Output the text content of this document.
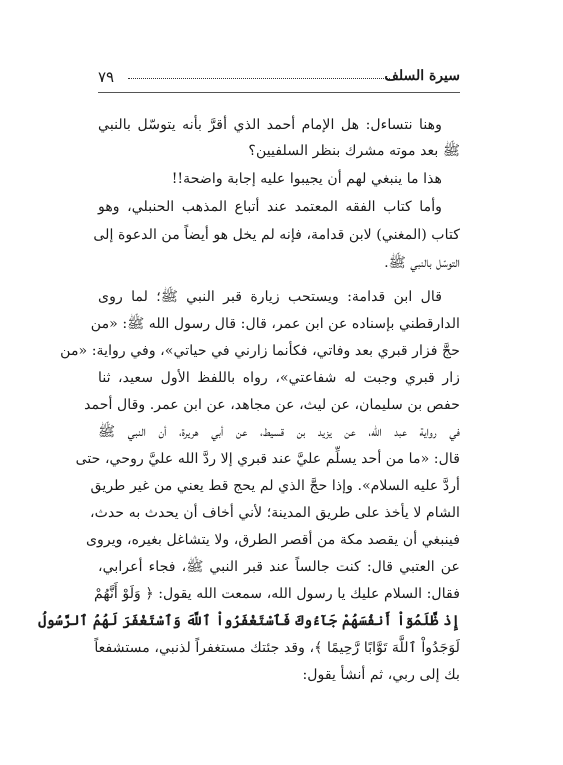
سيرة السلف
٧٩
وهنا نتساءل: هل الإمام أحمد الذي أقرَّ بأنه يتوسّل بالنبي
ﷺ بعد موته مشرك بنظر السلفيين؟
هذا ما ينبغي لهم أن يجيبوا عليه إجابة واضحة!!
وأما كتاب الفقه المعتمد عند أتباع المذهب الحنبلي، وهو
كتاب (المغني) لابن قدامة، فإنه لم يخل هو أيضاً من الدعوة إلى
التوسّل بالنبي ﷺ.
قال ابن قدامة: ويستحب زيارة قبر النبي ﷺ؛ لما روى
الدارقطني بإسناده عن ابن عمر، قال: قال رسول الله ﷺ: «من
حجَّ فزار قبري بعد وفاتي، فكأنما زارني في حياتي»، وفي رواية: «من
زار قبري وجبت له شفاعتي»، رواه باللفظ الأول سعيد، ثنا
حفص بن سليمان، عن ليث، عن مجاهد، عن ابن عمر. وقال أحمد
في رواية عبد الله، عن يزيد بن قسيط، عن أبي هريرة، أن النبي ﷺ
قال: «ما من أحد يسلِّم عليَّ عند قبري إلا ردَّ الله عليَّ روحي، حتى
أردَّ عليه السلام». وإذا حجَّ الذي لم يحج قط يعني من غير طريق
الشام لا يأخذ على طريق المدينة؛ لأني أخاف أن يحدث به حدث،
فينبغي أن يقصد مكة من أقصر الطرق، ولا يتشاغل بغيره، ويروى
عن العتبي قال: كنت جالساً عند قبر النبي ﷺ، فجاء أعرابي،
فقال: السلام عليك يا رسول الله، سمعت الله يقول: ﴿ وَلَوْ أَنَّهُمْ
إِذ ظَّلَمُوٓاْ أَنفُسَهُمْ جَآءُوكَ فَٱسْتَغْفَرُواْ ٱللَّهَ وَٱسْتَغْفَرَ لَهُمُ ٱلرَّسُولُ
لَوَجَدُواْ ٱللَّهَ تَوَّابًا رَّحِيمًا ﴾، وقد جئتك مستغفراً لذنبي، مستشفعاً
بك إلى ربي، ثم أنشأ يقول:
